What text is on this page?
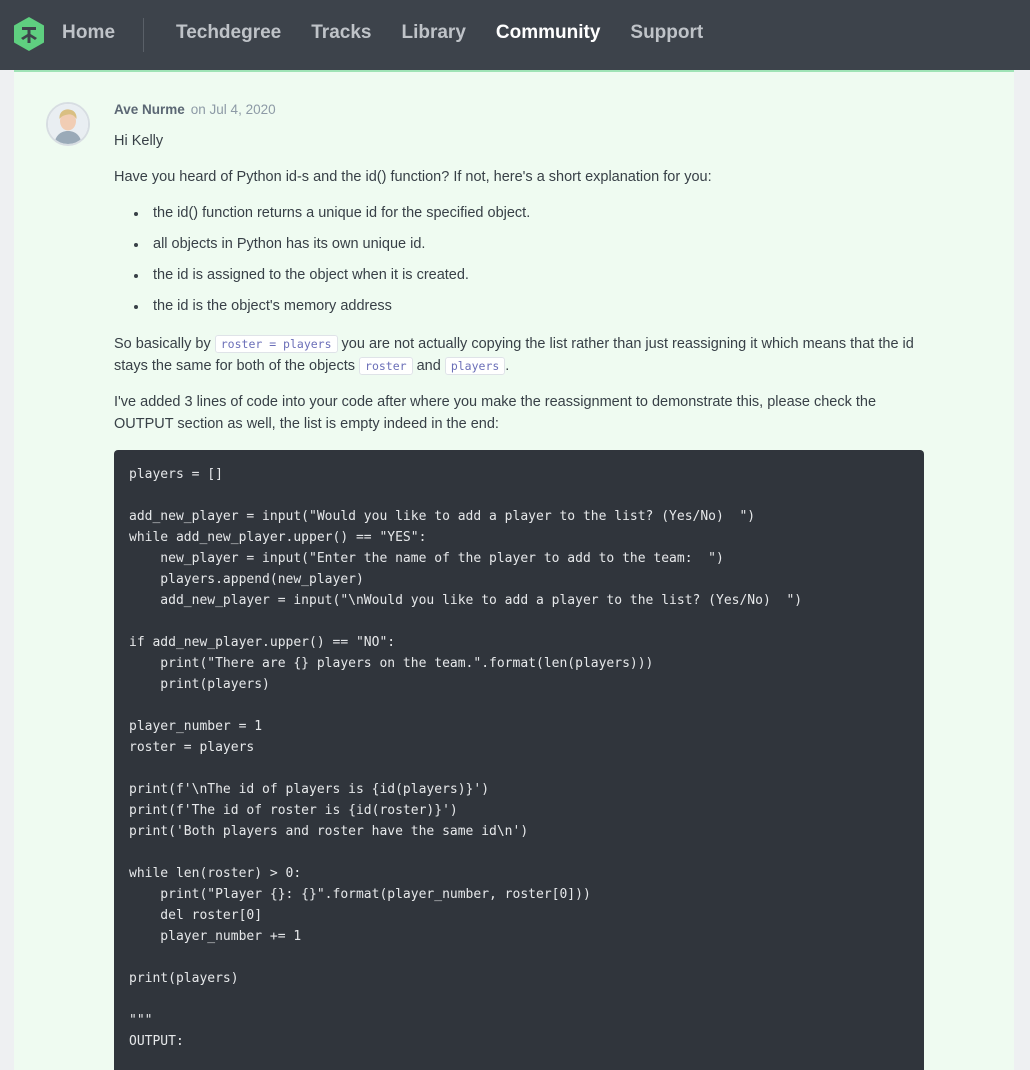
Home	Techdegree Tracks Library Community Support
Ave Nurme on Jul 4, 2020

Hi Kelly

Have you heard of Python id-s and the id() function? If not, here's a short explanation for you:

the id() function returns a unique id for the specified object.
all objects in Python has its own unique id.
the id is assigned to the object when it is created.
the id is the object's memory address

So basically by roster = players you are not actually copying the list rather than just reassigning it which means that the id stays the same for both of the objects roster and players .

I've added 3 lines of code into your code after where you make the reassignment to demonstrate this, please check the OUTPUT section as well, the list is empty indeed in the end:

players = []

add_new_player = input("Would you like to add a player to the list? (Yes/No)  ")
while add_new_player.upper() == "YES":
new_player = input("Enter the name of the player to add to the team:  ")
players.append(new_player)
add_new_player = input("\nWould you like to add a player to the list? (Yes/No)  ")

if add_new_player.upper() == "NO":
print("There are {} players on the team.".format(len(players)))
print(players)

player_number = 1
roster = players

print(f'\nThe id of players is {id(players)}')
print(f'The id of roster is {id(roster)}')
print('Both players and roster have the same id\n')

while len(roster) > 0:
print("Player {}: {}".format(player_number, roster[0]))
del roster[0]
player_number += 1

print(players)

"""
OUTPUT:
